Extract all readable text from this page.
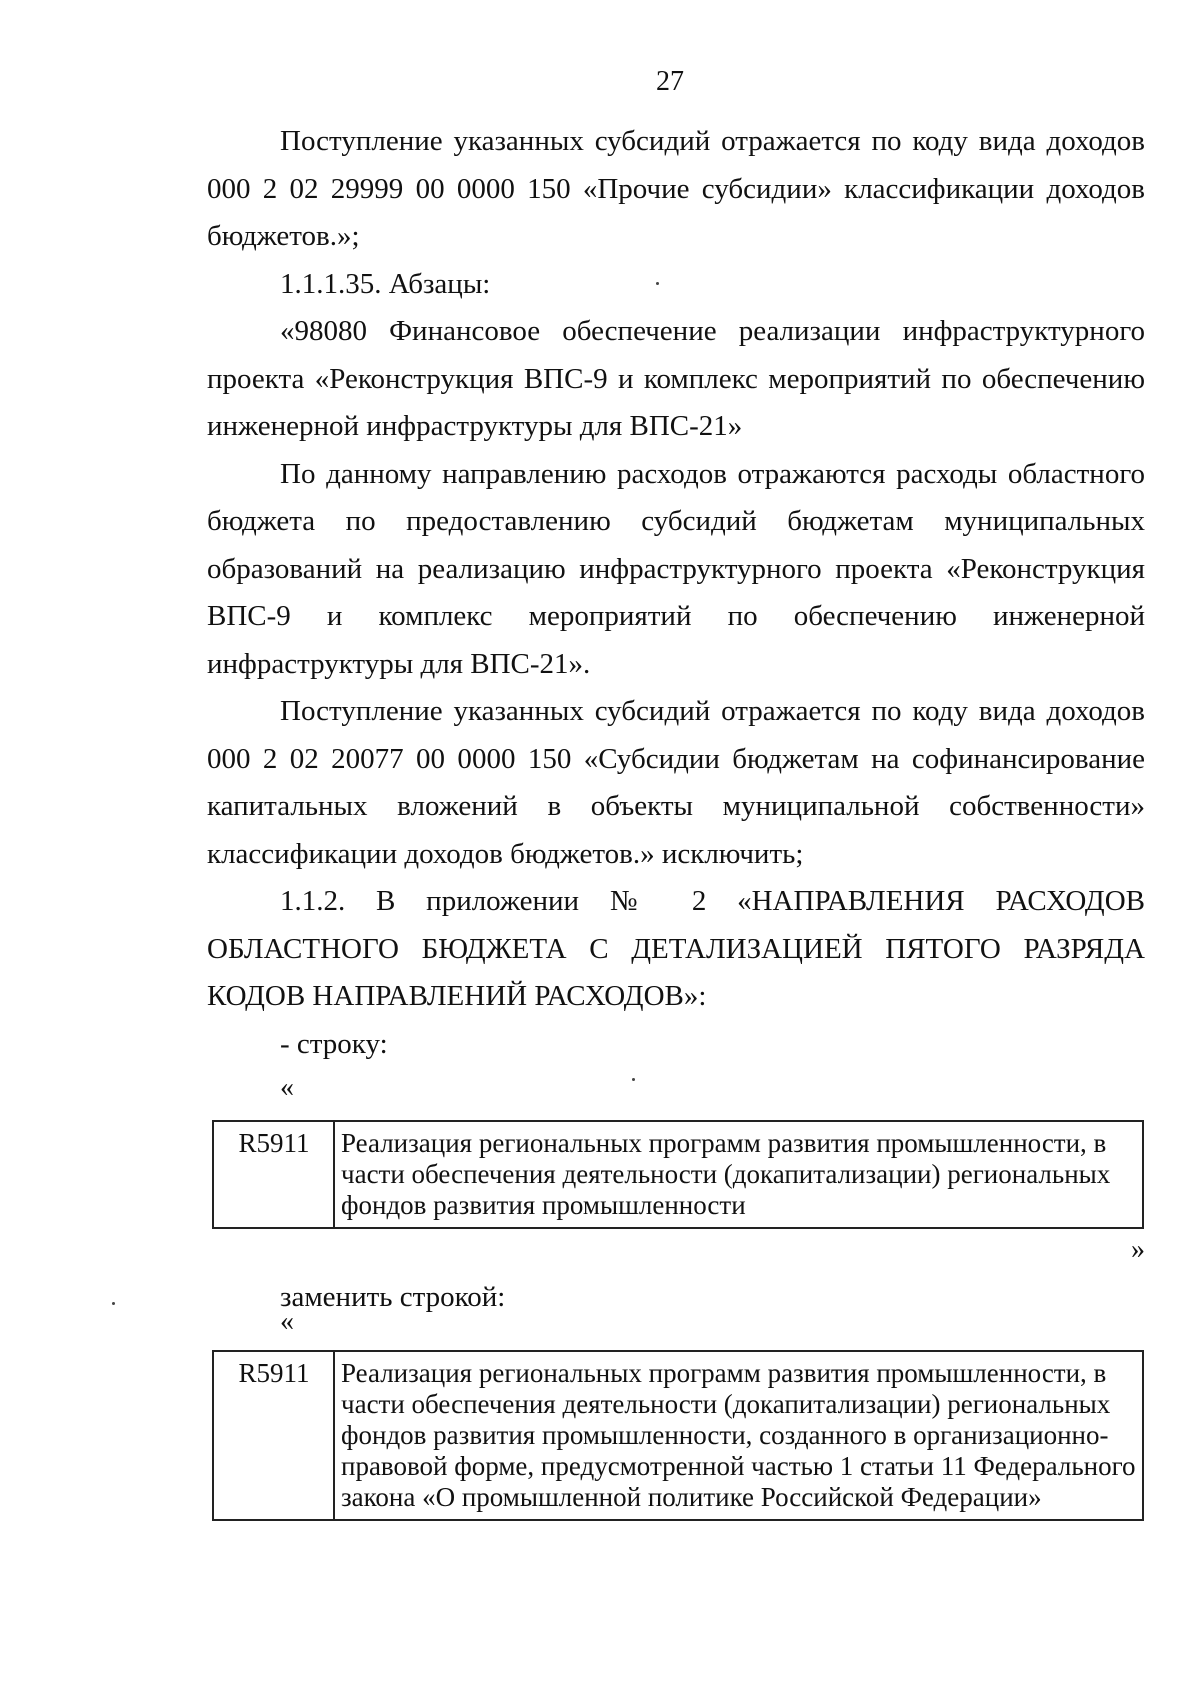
27

Поступление указанных субсидий отражается по коду вида доходов 000 2 02 29999 00 0000 150 «Прочие субсидии» классификации доходов бюджетов.»;

1.1.1.35. Абзацы:

«98080 Финансовое обеспечение реализации инфраструктурного проекта «Реконструкция ВПС-9 и комплекс мероприятий по обеспечению инженерной инфраструктуры для ВПС-21»

По данному направлению расходов отражаются расходы областного бюджета по предоставлению субсидий бюджетам муниципальных образований на реализацию инфраструктурного проекта «Реконструкция ВПС-9 и комплекс мероприятий по обеспечению инженерной инфраструктуры для ВПС-21».

Поступление указанных субсидий отражается по коду вида доходов 000 2 02 20077 00 0000 150 «Субсидии бюджетам на софинансирование капитальных вложений в объекты муниципальной собственности» классификации доходов бюджетов.» исключить;

1.1.2. В приложении № 2 «НАПРАВЛЕНИЯ РАСХОДОВ ОБЛАСТНОГО БЮДЖЕТА С ДЕТАЛИЗАЦИЕЙ ПЯТОГО РАЗРЯДА КОДОВ НАПРАВЛЕНИЙ РАСХОДОВ»:

- строку:

«
R5911	Реализация региональных программ развития промышленности, в части обеспечения деятельности (докапитализации) региональных фондов развития промышленности
»

заменить строкой:

«
R5911	Реализация региональных программ развития промышленности, в части обеспечения деятельности (докапитализации) региональных фондов развития промышленности, созданного в организационно-правовой форме, предусмотренной частью 1 статьи 11 Федерального закона «О промышленной политике Российской Федерации»
